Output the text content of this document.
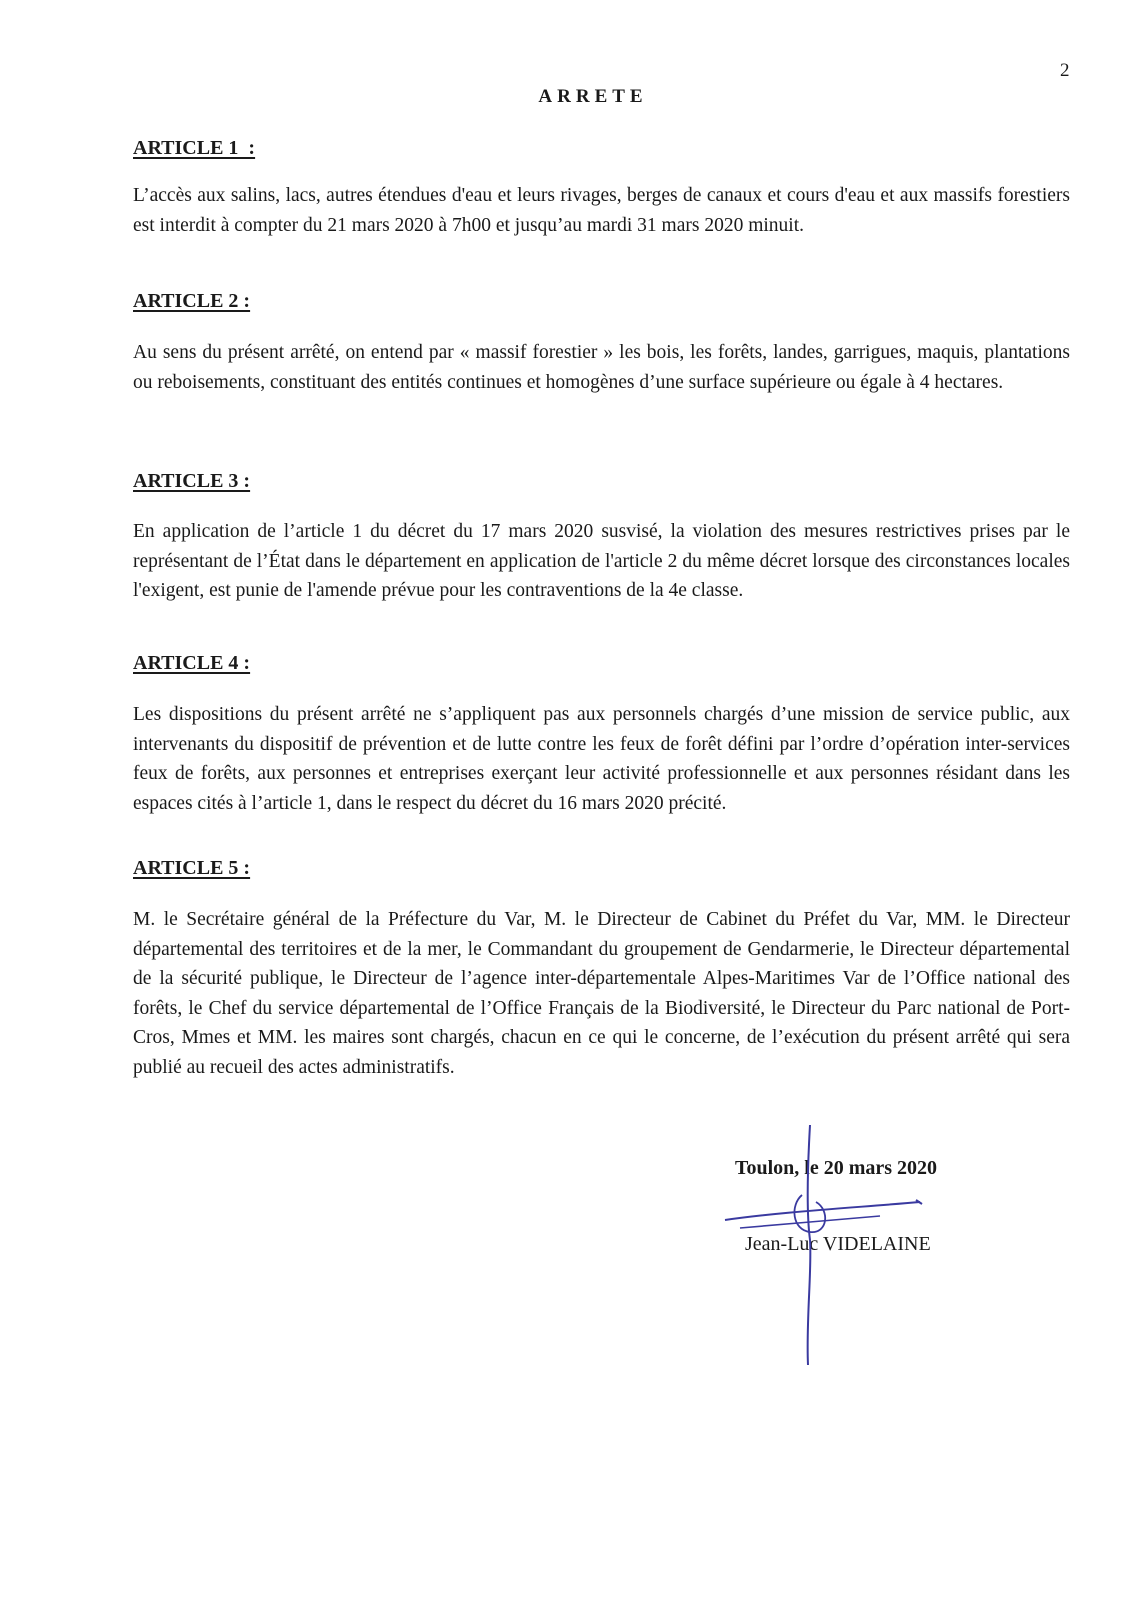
2
ARRETE
ARTICLE 1  :
L’accès aux salins, lacs, autres étendues d'eau et leurs rivages, berges de canaux et cours d'eau et aux massifs forestiers est interdit à compter du 21 mars 2020 à 7h00 et jusqu’au mardi 31 mars 2020 minuit.
ARTICLE 2 :
Au sens du présent arrêté, on entend par « massif forestier » les bois, les forêts, landes, garrigues, maquis, plantations ou reboisements, constituant des entités continues et homogènes d’une surface supérieure ou égale à 4 hectares.
ARTICLE 3 :
En application de l’article 1 du décret du 17 mars 2020 susvisé, la violation des mesures restrictives prises par le représentant de l’État dans le département en application de l'article 2 du même décret lorsque des circonstances locales l'exigent, est punie de l'amende prévue pour les contraventions de la 4e classe.
ARTICLE 4 :
Les dispositions du présent arrêté ne s’appliquent pas aux personnels chargés d’une mission de service public, aux intervenants du dispositif de prévention et de lutte contre les feux de forêt défini par l’ordre d’opération inter-services feux de forêts, aux personnes et entreprises exerçant leur activité professionnelle et aux personnes résidant dans les espaces cités à l’article 1, dans le respect du décret du 16 mars 2020 précité.
ARTICLE 5 :
M. le Secrétaire général de la Préfecture du Var, M. le Directeur de Cabinet du Préfet du Var, MM. le Directeur départemental des territoires et de la mer, le Commandant du groupement de Gendarmerie, le Directeur départemental de la sécurité publique, le Directeur de l’agence inter-départementale Alpes-Maritimes Var de l’Office national des forêts, le Chef du service départemental de l’Office Français de la Biodiversité, le Directeur du Parc national de Port-Cros, Mmes et MM. les maires sont chargés, chacun en ce qui le concerne, de l’exécution du présent arrêté qui sera publié au recueil des actes administratifs.
Toulon, le 20 mars 2020
Jean-Luc VIDELAINE
